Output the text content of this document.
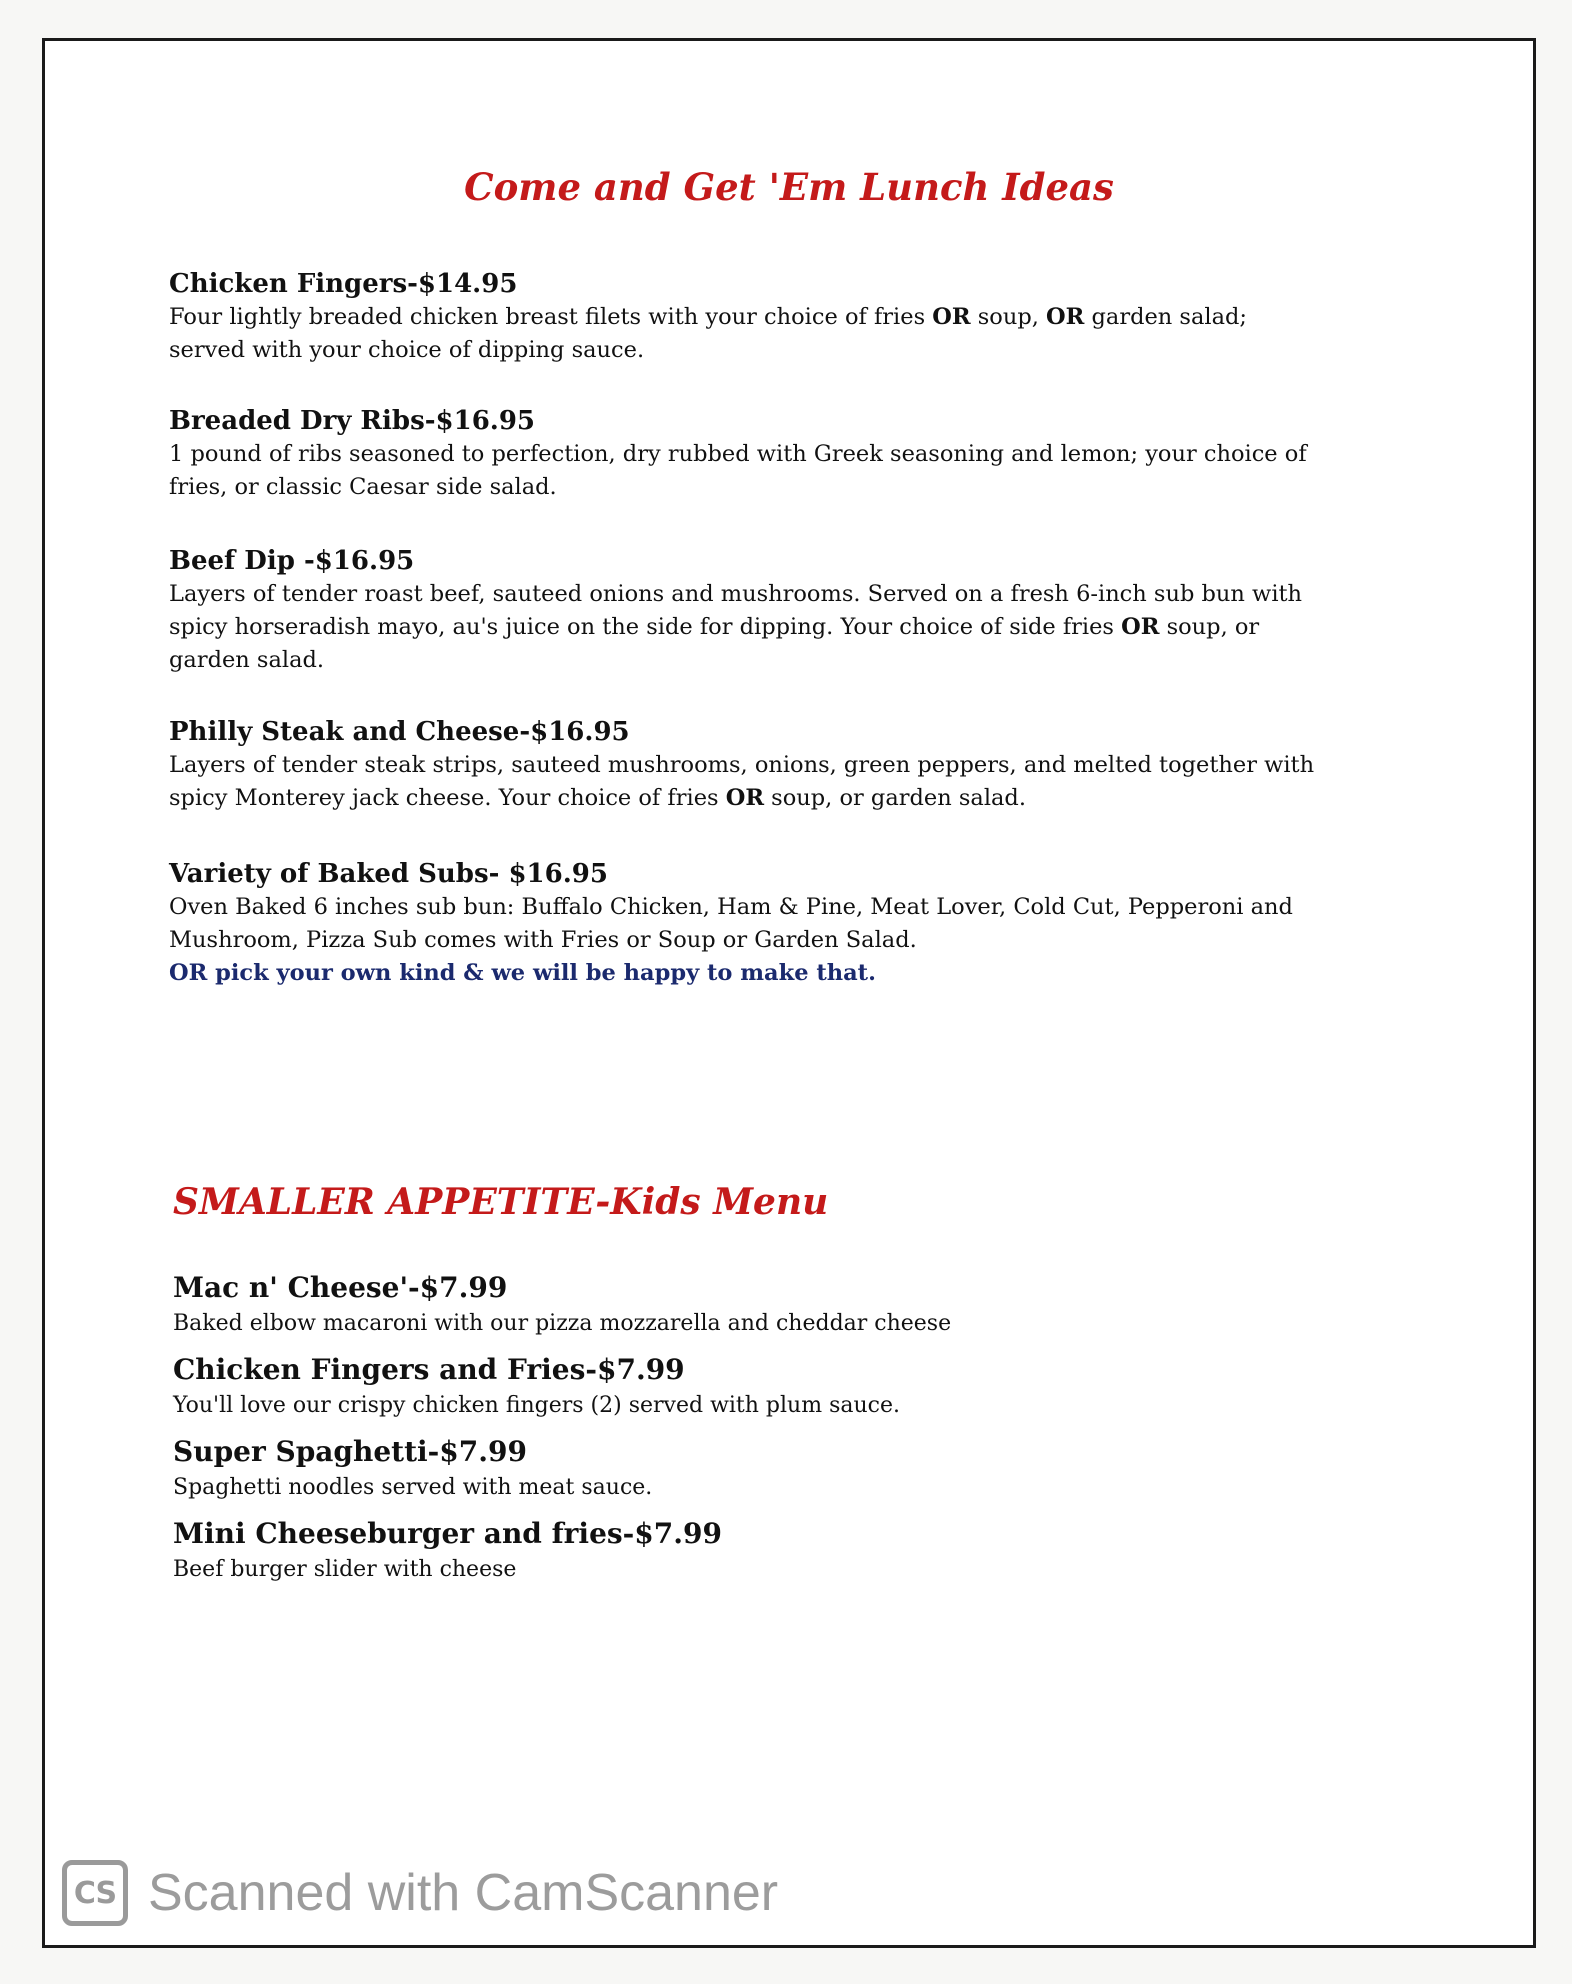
Come and Get 'Em Lunch Ideas

Chicken Fingers-$14.95

Four lightly breaded chicken breast filets with your choice of fries OR soup, OR garden salad;

served with your choice of dipping sauce.

Breaded Dry Ribs-$16.95

1 pound of ribs seasoned to perfection, dry rubbed with Greek seasoning and lemon; your choice of

fries, or classic Caesar side salad.

Beef Dip -$16.95

Layers of tender roast beef, sauteed onions and mushrooms. Served on a fresh 6-inch sub bun with

spicy horseradish mayo, au's juice on the side for dipping. Your choice of side fries OR soup, or

garden salad.

Philly Steak and Cheese-$16.95

Layers of tender steak strips, sauteed mushrooms, onions, green peppers, and melted together with

spicy Monterey jack cheese. Your choice of fries OR soup, or garden salad.

Variety of Baked Subs- $16.95

Oven Baked 6 inches sub bun: Buffalo Chicken, Ham & Pine, Meat Lover, Cold Cut, Pepperoni and

Mushroom, Pizza Sub comes with Fries or Soup or Garden Salad.

OR pick your own kind & we will be happy to make that.

SMALLER APPETITE-Kids Menu

Mac n' Cheese'-$7.99

Baked elbow macaroni with our pizza mozzarella and cheddar cheese

Chicken Fingers and Fries-$7.99

You'll love our crispy chicken fingers (2) served with plum sauce.

Super Spaghetti-$7.99

Spaghetti noodles served with meat sauce.

Mini Cheeseburger and fries-$7.99

Beef burger slider with cheese

CS Scanned with CamScanner
